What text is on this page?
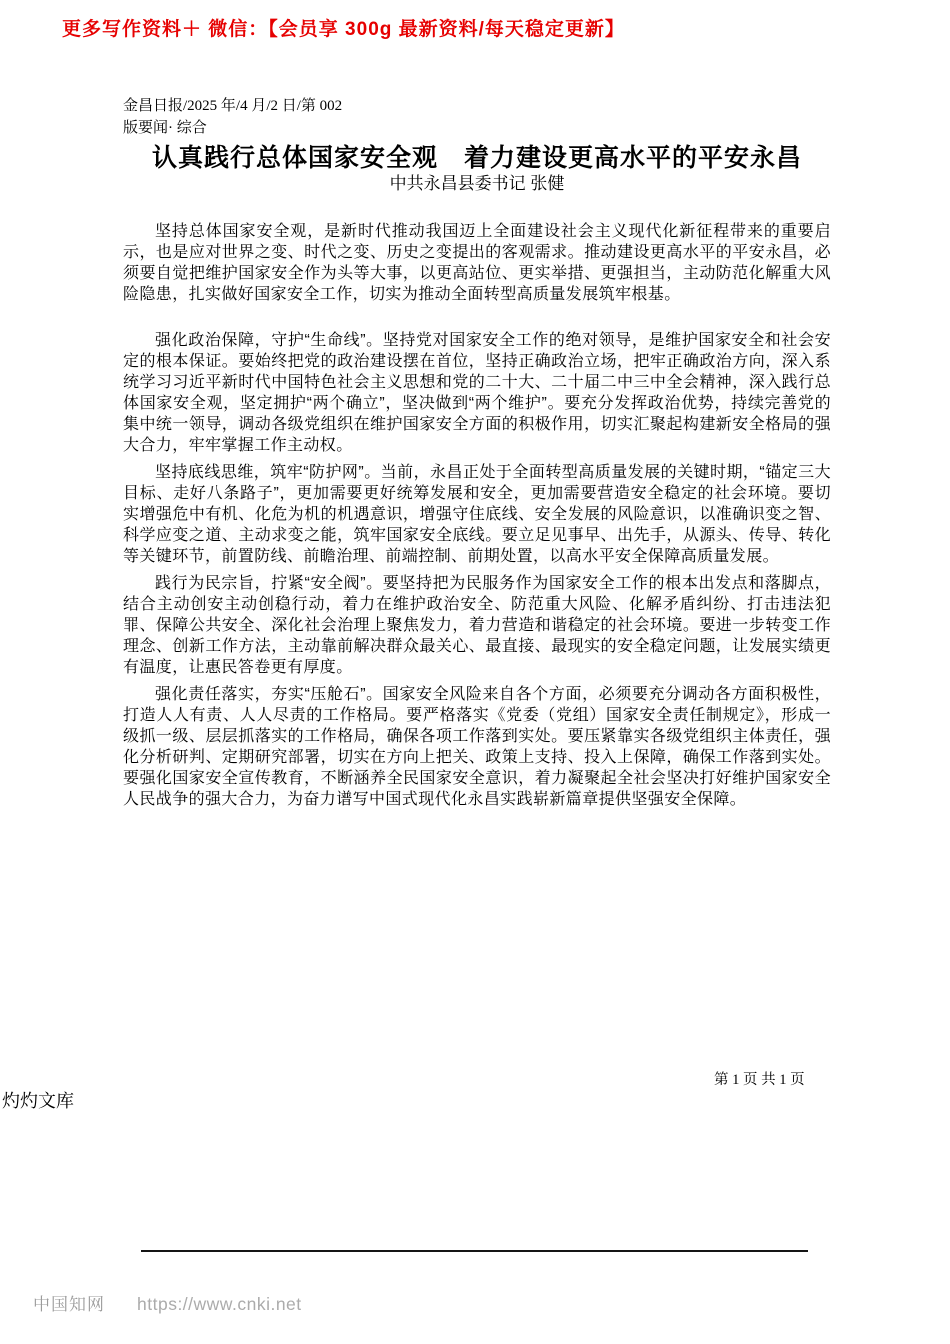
更多写作资料＋ 微信：【会员享 300g 最新资料/每天稳定更新】
金昌日报/2025 年/4 月/2 日/第 002
版要闻· 综合
认真践行总体国家安全观　着力建设更高水平的平安永昌
中共永昌县委书记 张健

坚持总体国家安全观，是新时代推动我国迈上全面建设社会主义现代化新征程带来的重要启示，也是应对世界之变、时代之变、历史之变提出的客观需求。推动建设更高水平的平安永昌，必须要自觉把维护国家安全作为头等大事，以更高站位、更实举措、更强担当，主动防范化解重大风险隐患，扎实做好国家安全工作，切实为推动全面转型高质量发展筑牢根基。

强化政治保障，守护“生命线”。坚持党对国家安全工作的绝对领导，是维护国家安全和社会安定的根本保证。要始终把党的政治建设摆在首位，坚持正确政治立场，把牢正确政治方向，深入系统学习习近平新时代中国特色社会主义思想和党的二十大、二十届二中三中全会精神，深入践行总体国家安全观，坚定拥护“两个确立”，坚决做到“两个维护”。要充分发挥政治优势，持续完善党的集中统一领导，调动各级党组织在维护国家安全方面的积极作用，切实汇聚起构建新安全格局的强大合力，牢牢掌握工作主动权。

坚持底线思维，筑牢“防护网”。当前，永昌正处于全面转型高质量发展的关键时期，“锚定三大目标、走好八条路子”，更加需要更好统筹发展和安全，更加需要营造安全稳定的社会环境。要切实增强危中有机、化危为机的机遇意识，增强守住底线、安全发展的风险意识，以准确识变之智、科学应变之道、主动求变之能，筑牢国家安全底线。要立足见事早、出先手，从源头、传导、转化等关键环节，前置防线、前瞻治理、前端控制、前期处置，以高水平安全保障高质量发展。

践行为民宗旨，拧紧“安全阀”。要坚持把为民服务作为国家安全工作的根本出发点和落脚点，结合主动创安主动创稳行动，着力在维护政治安全、防范重大风险、化解矛盾纠纷、打击违法犯罪、保障公共安全、深化社会治理上聚焦发力，着力营造和谐稳定的社会环境。要进一步转变工作理念、创新工作方法，主动靠前解决群众最关心、最直接、最现实的安全稳定问题，让发展实绩更有温度，让惠民答卷更有厚度。

强化责任落实，夯实“压舱石”。国家安全风险来自各个方面，必须要充分调动各方面积极性，打造人人有责、人人尽责的工作格局。要严格落实《党委（党组）国家安全责任制规定》，形成一级抓一级、层层抓落实的工作格局，确保各项工作落到实处。要压紧靠实各级党组织主体责任，强化分析研判、定期研究部署，切实在方向上把关、政策上支持、投入上保障，确保工作落到实处。要强化国家安全宣传教育，不断涵养全民国家安全意识，着力凝聚起全社会坚决打好维护国家安全人民战争的强大合力，为奋力谱写中国式现代化永昌实践崭新篇章提供坚强安全保障。

第 1 页 共 1 页
灼灼文库
中国知网 https://www.cnki.net
